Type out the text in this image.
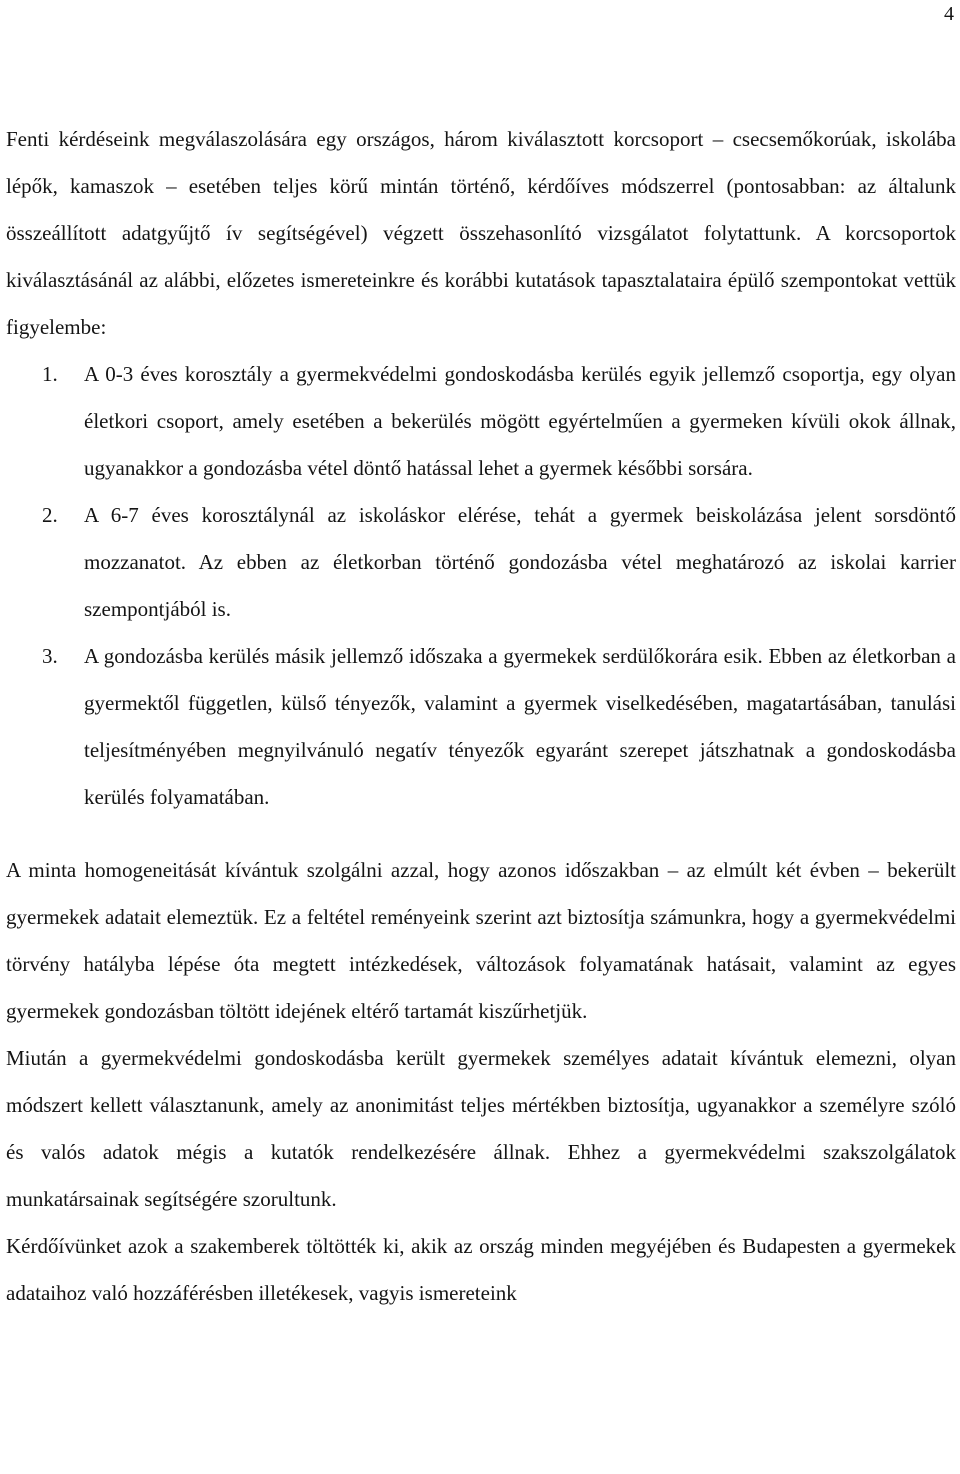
4

Fenti kérdéseink megválaszolására egy országos, három kiválasztott korcsoport – csecsemőkorúak, iskolába lépők, kamaszok – esetében teljes körű mintán történő, kérdőíves módszerrel (pontosabban: az általunk összeállított adatgyűjtő ív segítségével) végzett összehasonlító vizsgálatot folytattunk. A korcsoportok kiválasztásánál az alábbi, előzetes ismereteinkre és korábbi kutatások tapasztalataira épülő szempontokat vettük figyelembe:

1. A 0-3 éves korosztály a gyermekvédelmi gondoskodásba kerülés egyik jellemző csoportja, egy olyan életkori csoport, amely esetében a bekerülés mögött egyértelműen a gyermeken kívüli okok állnak, ugyanakkor a gondozásba vétel döntő hatással lehet a gyermek későbbi sorsára.
2. A 6-7 éves korosztálynál az iskoláskor elérése, tehát a gyermek beiskolázása jelent sorsdöntő mozzanatot. Az ebben az életkorban történő gondozásba vétel meghatározó az iskolai karrier szempontjából is.
3. A gondozásba kerülés másik jellemző időszaka a gyermekek serdülőkorára esik. Ebben az életkorban a gyermektől független, külső tényezők, valamint a gyermek viselkedésében, magatartásában, tanulási teljesítményében megnyilvánuló negatív tényezők egyaránt szerepet játszhatnak a gondoskodásba kerülés folyamatában.

A minta homogeneitását kívántuk szolgálni azzal, hogy azonos időszakban – az elmúlt két évben – bekerült gyermekek adatait elemeztük. Ez a feltétel reményeink szerint azt biztosítja számunkra, hogy a gyermekvédelmi törvény hatályba lépése óta megtett intézkedések, változások folyamatának hatásait, valamint az egyes gyermekek gondozásban töltött idejének eltérő tartamát kiszűrhetjük.

Miután a gyermekvédelmi gondoskodásba került gyermekek személyes adatait kívántuk elemezni, olyan módszert kellett választanunk, amely az anonimitást teljes mértékben biztosítja, ugyanakkor a személyre szóló és valós adatok mégis a kutatók rendelkezésére állnak. Ehhez a gyermekvédelmi szakszolgálatok munkatársainak segítségére szorultunk.

Kérdőívünket azok a szakemberek töltötték ki, akik az ország minden megyéjében és Budapesten a gyermekek adataihoz való hozzáférésben illetékesek, vagyis ismereteink
